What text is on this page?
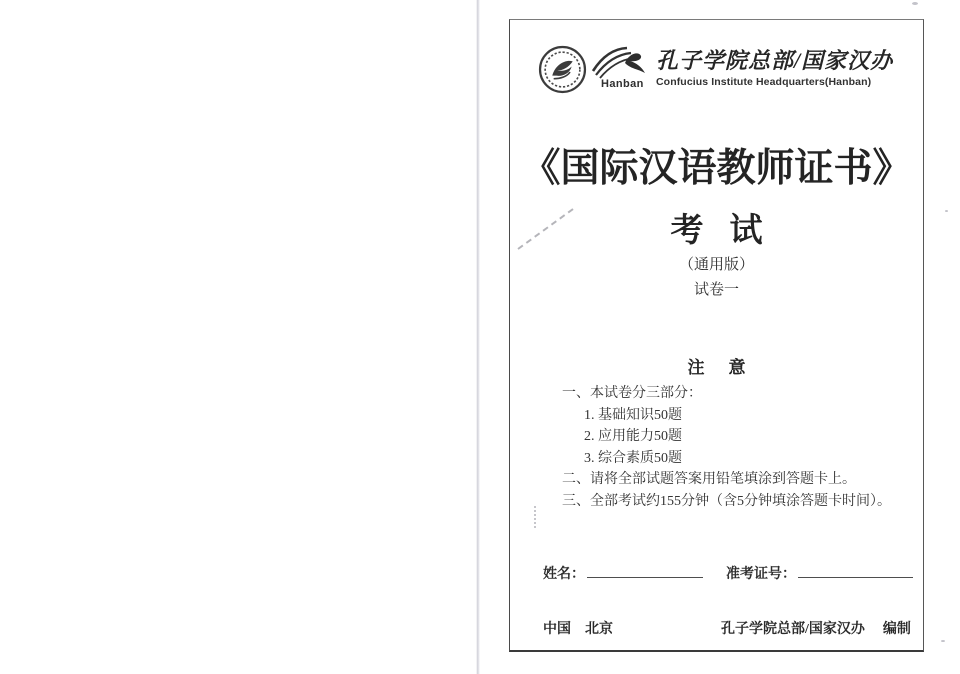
Hanban
孔子学院总部/国家汉办
Confucius Institute Headquarters(Hanban)
《国际汉语教师证书》
考 试
（通用版）
试卷一
注 意
一、本试卷分三部分：
1. 基础知识50题
2. 应用能力50题
3. 综合素质50题
二、请将全部试题答案用铅笔填涂到答题卡上。
三、全部考试约155分钟（含5分钟填涂答题卡时间）。
姓名：	准考证号：
中国　北京	孔子学院总部/国家汉办 编制
